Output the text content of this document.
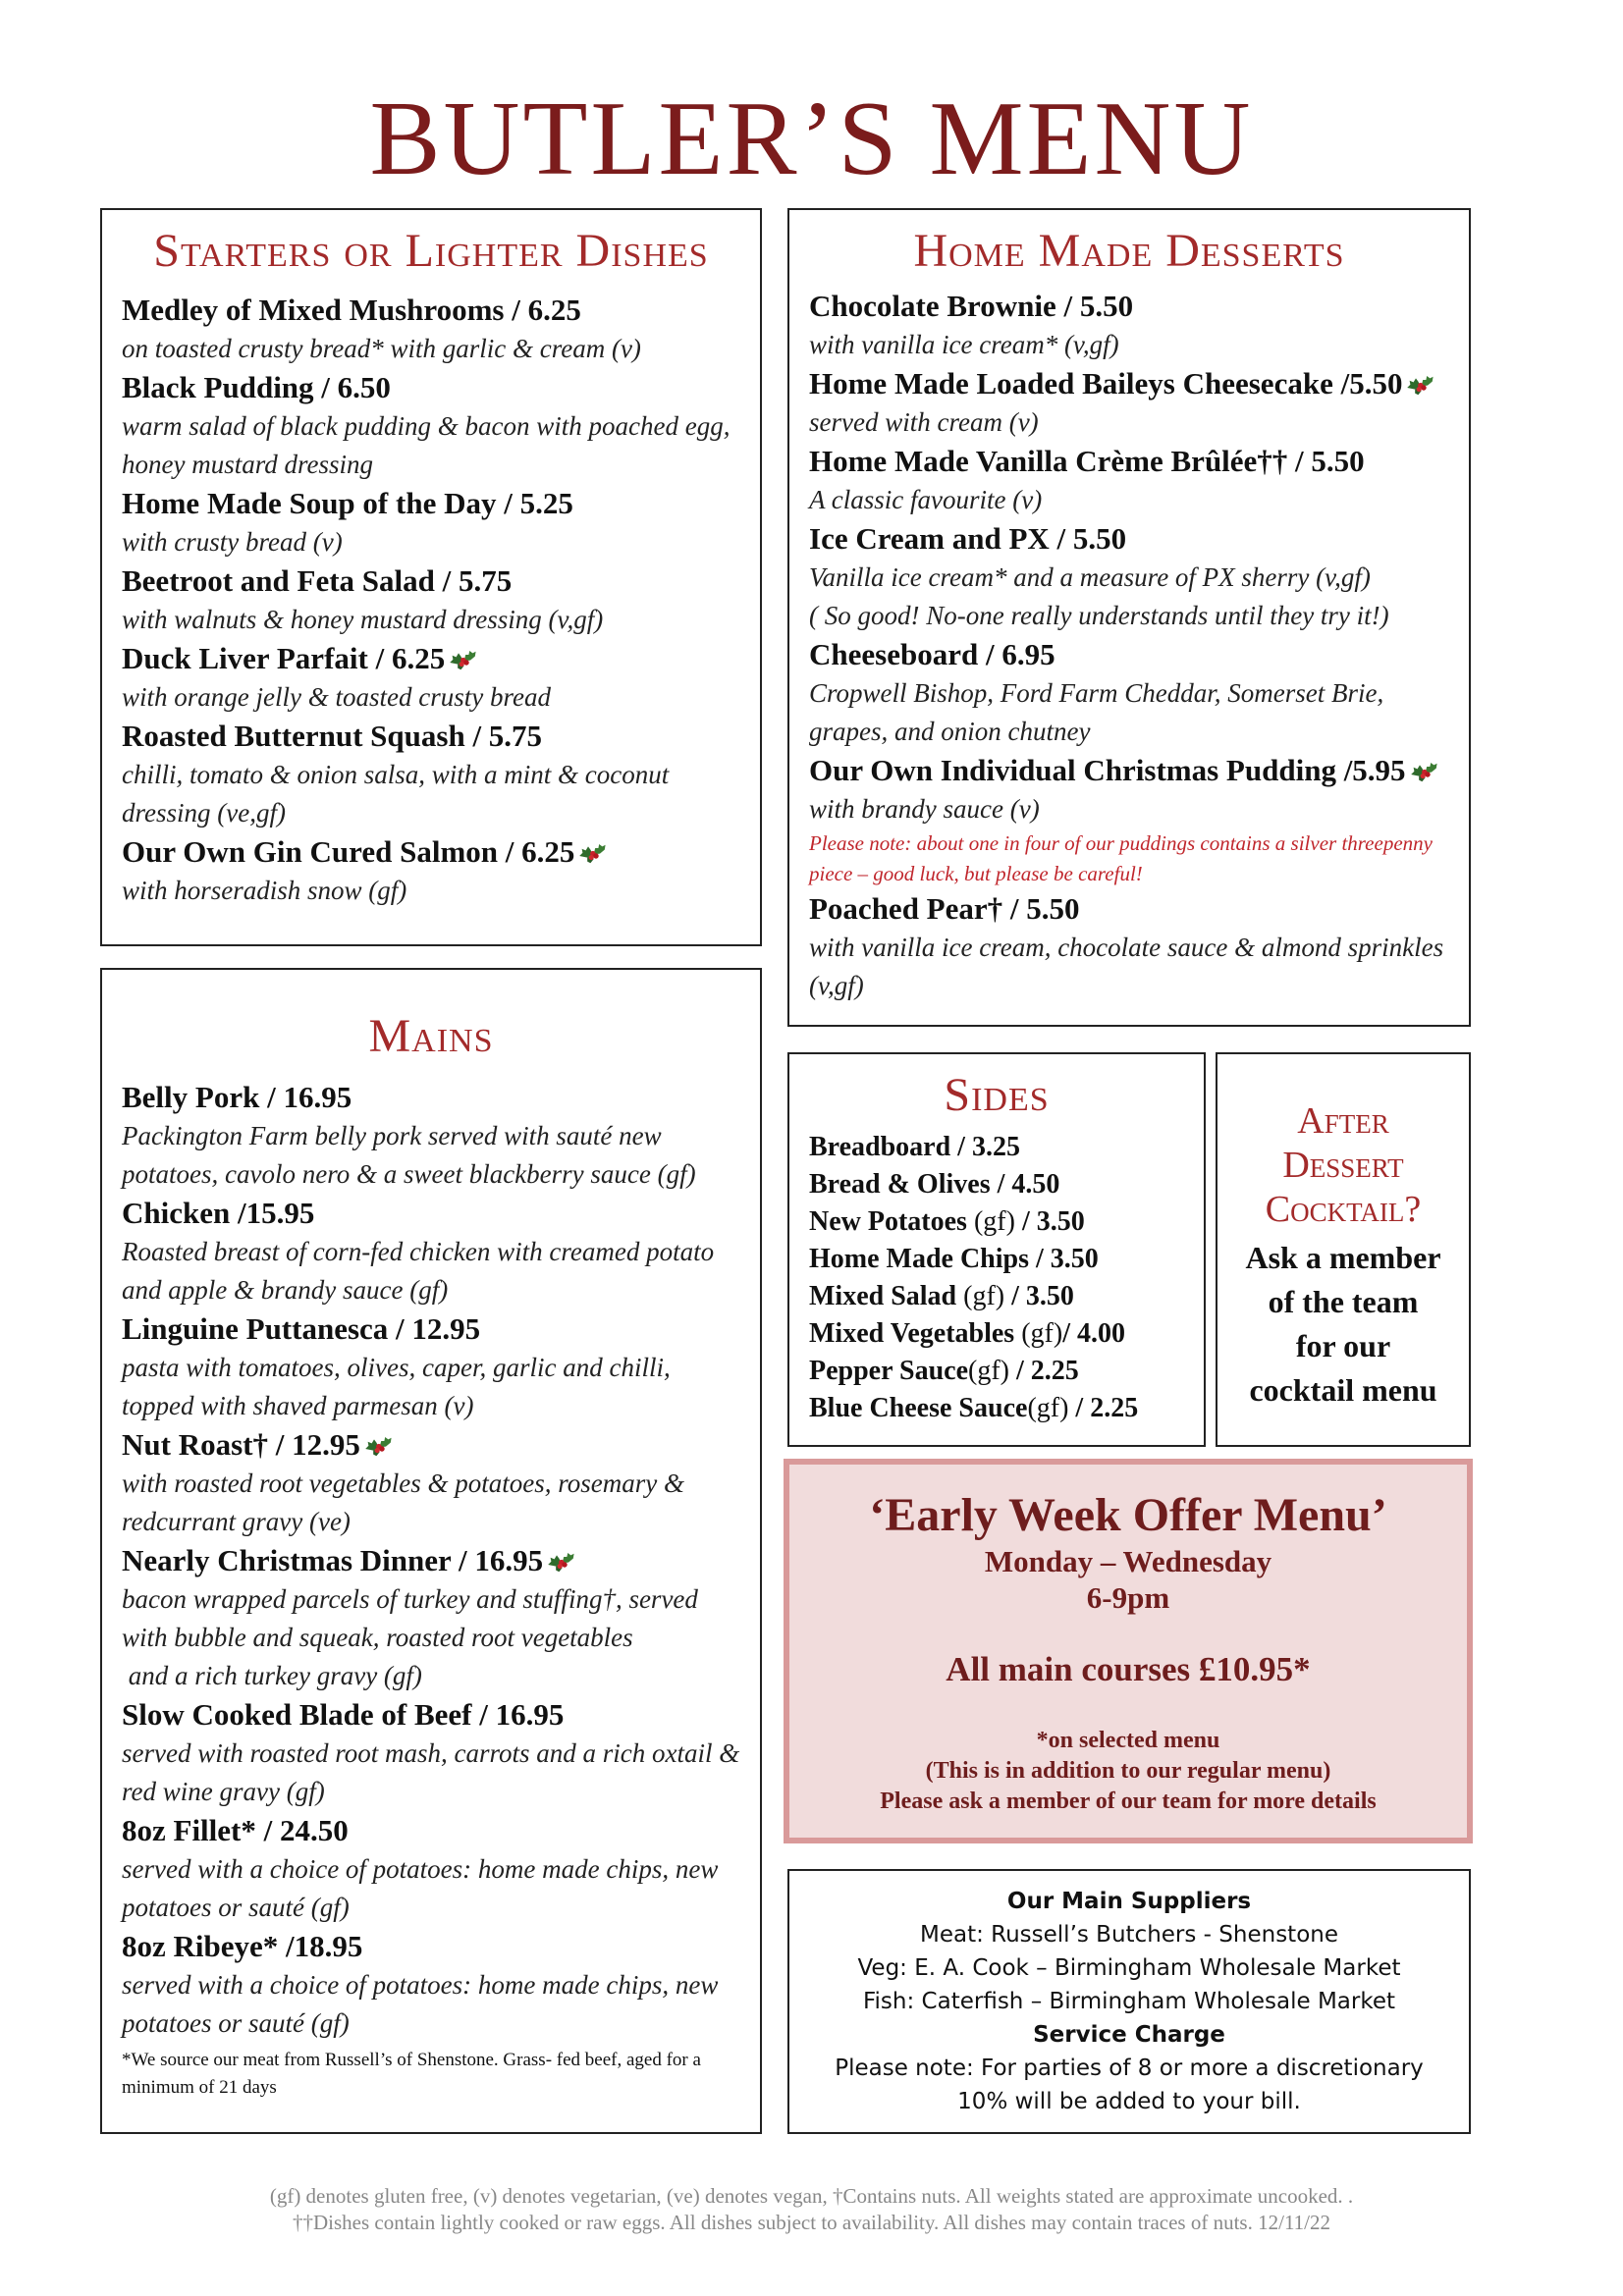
BUTLER’S MENU
Starters or Lighter Dishes
Medley of Mixed Mushrooms / 6.25
on toasted crusty bread* with garlic & cream (v)
Black Pudding / 6.50
warm salad of black pudding & bacon with poached egg, honey mustard dressing
Home Made Soup of the Day / 5.25
with crusty bread (v)
Beetroot and Feta Salad / 5.75
with walnuts & honey mustard dressing (v,gf)
Duck Liver Parfait / 6.25
with orange jelly & toasted crusty bread
Roasted Butternut Squash / 5.75
chilli, tomato & onion salsa, with a mint & coconut dressing (ve,gf)
Our Own Gin Cured Salmon / 6.25
with horseradish snow (gf)
Mains
Belly Pork / 16.95
Packington Farm belly pork served with sauté new potatoes, cavolo nero & a sweet blackberry sauce (gf)
Chicken /15.95
Roasted breast of corn-fed chicken with creamed potato and apple & brandy sauce (gf)
Linguine Puttanesca / 12.95
pasta with tomatoes, olives, caper, garlic and chilli, topped with shaved parmesan (v)
Nut Roast† / 12.95
with roasted root vegetables & potatoes, rosemary & redcurrant gravy (ve)
Nearly Christmas Dinner / 16.95
bacon wrapped parcels of turkey and stuffing†, served with bubble and squeak, roasted root vegetables
and a rich turkey gravy (gf)
Slow Cooked Blade of Beef / 16.95
served with roasted root mash, carrots and a rich oxtail & red wine gravy (gf)
8oz Fillet* / 24.50
served with a choice of potatoes: home made chips, new potatoes or sauté (gf)
8oz Ribeye* /18.95
served with a choice of potatoes: home made chips, new potatoes or sauté (gf)
*We source our meat from Russell’s of Shenstone. Grass- fed beef, aged for a minimum of 21 days
Home Made Desserts
Chocolate Brownie / 5.50
with vanilla ice cream* (v,gf)
Home Made Loaded Baileys Cheesecake /5.50
served with cream (v)
Home Made Vanilla Crème Brûlée†† / 5.50
A classic favourite (v)
Ice Cream and PX / 5.50
Vanilla ice cream* and a measure of PX sherry (v,gf)
( So good! No-one really understands until they try it!)
Cheeseboard / 6.95
Cropwell Bishop, Ford Farm Cheddar, Somerset Brie, grapes, and onion chutney
Our Own Individual Christmas Pudding /5.95
with brandy sauce (v)
Please note: about one in four of our puddings contains a silver threepenny piece – good luck, but please be careful!
Poached Pear† / 5.50
with vanilla ice cream, chocolate sauce & almond sprinkles (v,gf)
Sides
Breadboard / 3.25
Bread & Olives / 4.50
New Potatoes (gf) / 3.50
Home Made Chips / 3.50
Mixed Salad (gf) / 3.50
Mixed Vegetables (gf)/ 4.00
Pepper Sauce(gf) / 2.25
Blue Cheese Sauce(gf) / 2.25
After
Dessert
Cocktail?
Ask a member
of the team
for our
cocktail menu
‘Early Week Offer Menu’
Monday – Wednesday
6-9pm
All main courses £10.95*
*on selected menu
(This is in addition to our regular menu)
Please ask a member of our team for more details
Our Main Suppliers
Meat: Russell’s Butchers - Shenstone
Veg: E. A. Cook – Birmingham Wholesale Market
Fish: Caterfish – Birmingham Wholesale Market
Service Charge
Please note: For parties of 8 or more a discretionary 10% will be added to your bill.
(gf) denotes gluten free, (v) denotes vegetarian, (ve) denotes vegan, †Contains nuts. All weights stated are approximate uncooked. .
††Dishes contain lightly cooked or raw eggs. All dishes subject to availability. All dishes may contain traces of nuts. 12/11/22
